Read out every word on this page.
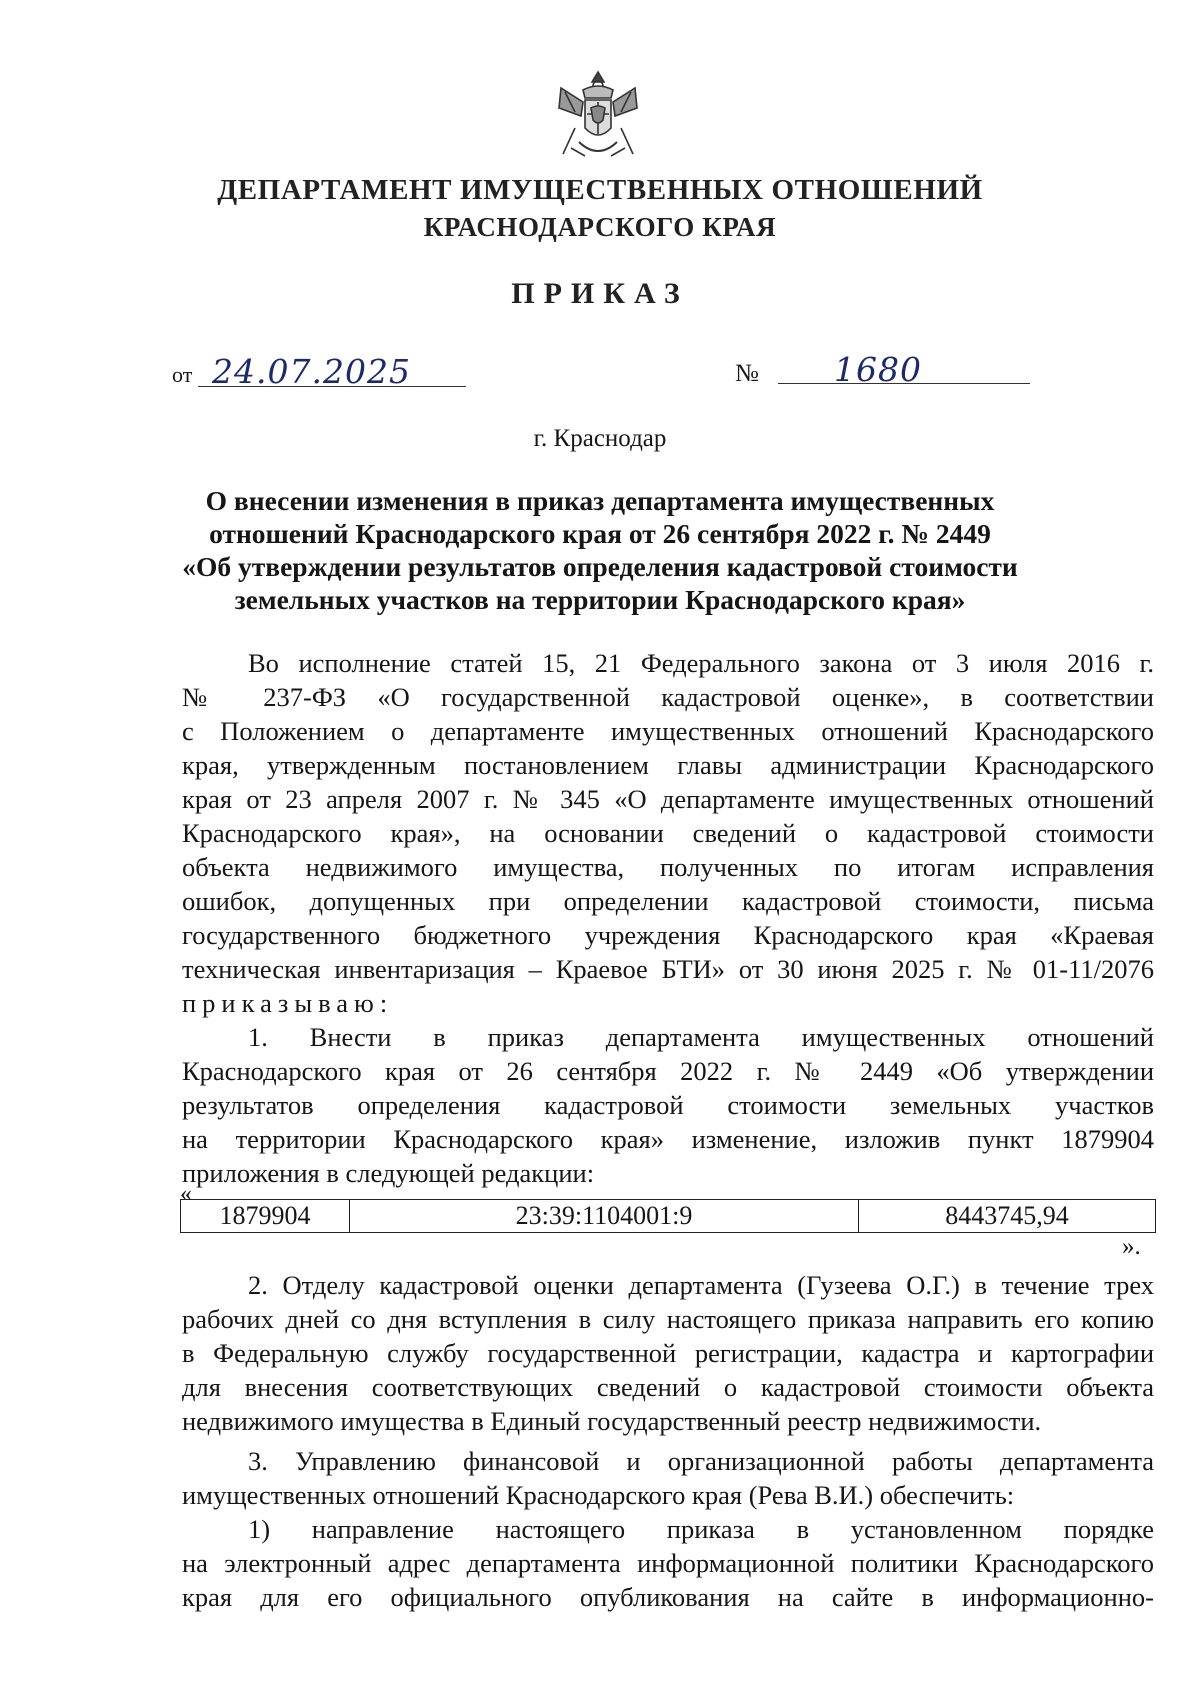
ДЕПАРТАМЕНТ ИМУЩЕСТВЕННЫХ ОТНОШЕНИЙ
КРАСНОДАРСКОГО КРАЯ
ПРИКАЗ
от 24.07.2025	№ 1680
г. Краснодар
О внесении изменения в приказ департамента имущественных
отношений Краснодарского края от 26 сентября 2022 г. № 2449
«Об утверждении результатов определения кадастровой стоимости
земельных участков на территории Краснодарского края»
Во исполнение статей 15, 21 Федерального закона от 3 июля 2016 г.
№ 237-ФЗ «О государственной кадастровой оценке», в соответствии
с Положением о департаменте имущественных отношений Краснодарского
края, утвержденным постановлением главы администрации Краснодарского
края от 23 апреля 2007 г. № 345 «О департаменте имущественных отношений
Краснодарского края», на основании сведений о кадастровой стоимости
объекта недвижимого имущества, полученных по итогам исправления
ошибок, допущенных при определении кадастровой стоимости, письма
государственного бюджетного учреждения Краснодарского края «Краевая
техническая инвентаризация – Краевое БТИ» от 30 июня 2025 г. № 01-11/2076
приказываю:
1. Внести в приказ департамента имущественных отношений
Краснодарского края от 26 сентября 2022 г. № 2449 «Об утверждении
результатов определения кадастровой стоимости земельных участков
на территории Краснодарского края» изменение, изложив пункт 1879904
приложения в следующей редакции:
«
1879904	23:39:1104001:9	8443745,94
».
2. Отделу кадастровой оценки департамента (Гузеева О.Г.) в течение трех
рабочих дней со дня вступления в силу настоящего приказа направить его копию
в Федеральную службу государственной регистрации, кадастра и картографии
для внесения соответствующих сведений о кадастровой стоимости объекта
недвижимого имущества в Единый государственный реестр недвижимости.
3. Управлению финансовой и организационной работы департамента
имущественных отношений Краснодарского края (Рева В.И.) обеспечить:
1) направление настоящего приказа в установленном порядке
на электронный адрес департамента информационной политики Краснодарского
края для его официального опубликования на сайте в информационно-
